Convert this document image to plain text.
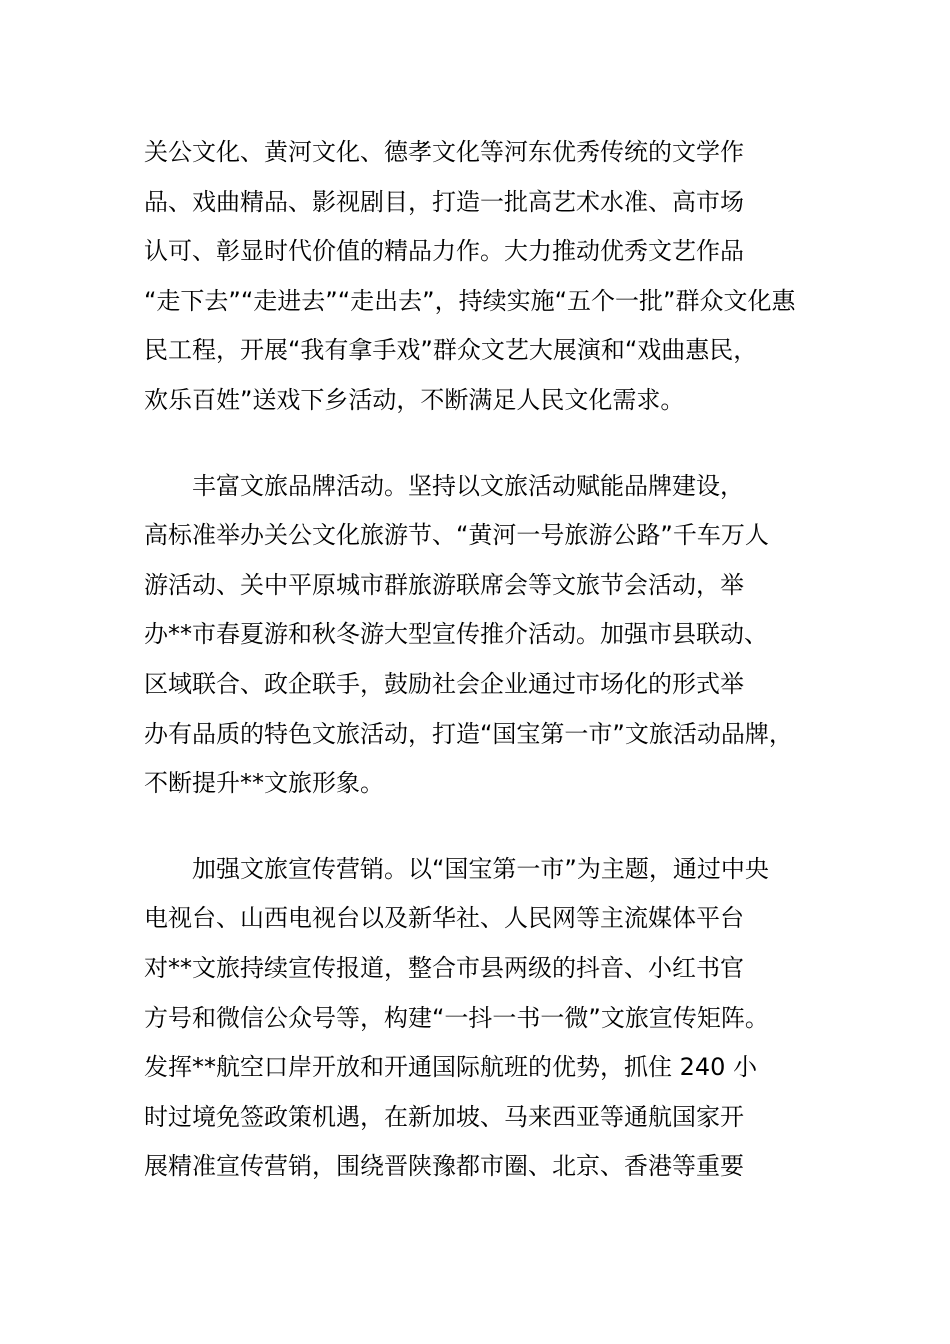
关公文化、黄河文化、德孝文化等河东优秀传统的文学作
品、戏曲精品、影视剧目，打造一批高艺术水准、高市场
认可、彰显时代价值的精品力作。大力推动优秀文艺作品
“走下去”“走进去”“走出去”，持续实施“五个一批”群众文化惠
民工程，开展“我有拿手戏”群众文艺大展演和“戏曲惠民，
欢乐百姓”送戏下乡活动，不断满足人民文化需求。
丰富文旅品牌活动。坚持以文旅活动赋能品牌建设，
高标准举办关公文化旅游节、“黄河一号旅游公路”千车万人
游活动、关中平原城市群旅游联席会等文旅节会活动，举
办**市春夏游和秋冬游大型宣传推介活动。加强市县联动、
区域联合、政企联手，鼓励社会企业通过市场化的形式举
办有品质的特色文旅活动，打造“国宝第一市”文旅活动品牌，
不断提升**文旅形象。
加强文旅宣传营销。以“国宝第一市”为主题，通过中央
电视台、山西电视台以及新华社、人民网等主流媒体平台
对**文旅持续宣传报道，整合市县两级的抖音、小红书官
方号和微信公众号等，构建“一抖一书一微”文旅宣传矩阵。
发挥**航空口岸开放和开通国际航班的优势，抓住 240 小
时过境免签政策机遇，在新加坡、马来西亚等通航国家开
展精准宣传营销，围绕晋陕豫都市圈、北京、香港等重要
